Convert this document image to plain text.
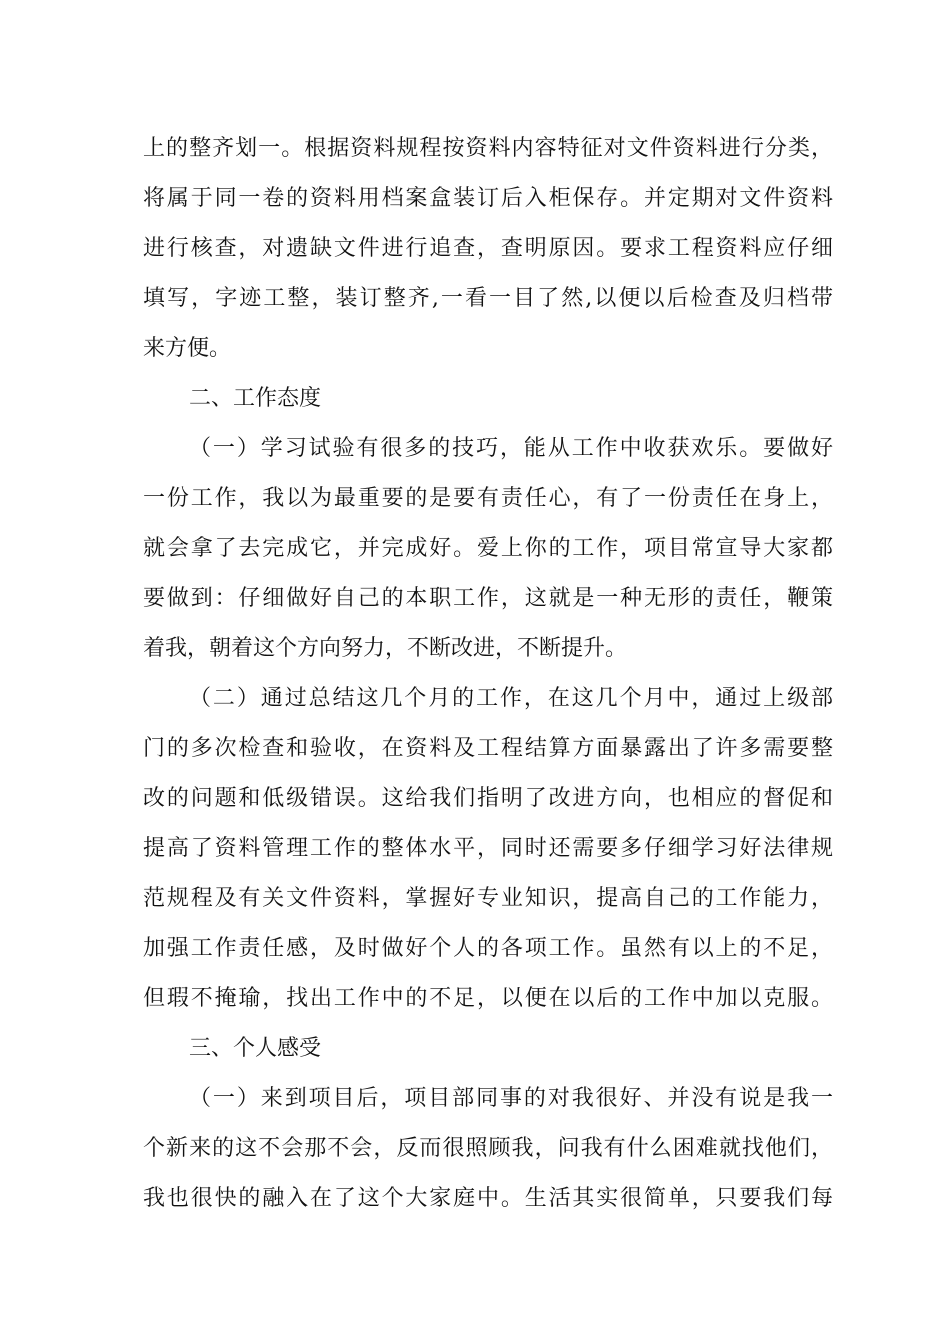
上的整齐划一。根据资料规程按资料内容特征对文件资料进行分类，
将属于同一卷的资料用档案盒装订后入柜保存。并定期对文件资料
进行核查，对遗缺文件进行追查，查明原因。要求工程资料应仔细
填写，字迹工整，装订整齐,一看一目了然,以便以后检查及归档带
来方便。
二、工作态度
（一）学习试验有很多的技巧，能从工作中收获欢乐。要做好
一份工作，我以为最重要的是要有责任心，有了一份责任在身上，
就会拿了去完成它，并完成好。爱上你的工作，项目常宣导大家都
要做到：仔细做好自己的本职工作，这就是一种无形的责任，鞭策
着我，朝着这个方向努力，不断改进，不断提升。
（二）通过总结这几个月的工作，在这几个月中，通过上级部
门的多次检查和验收，在资料及工程结算方面暴露出了许多需要整
改的问题和低级错误。这给我们指明了改进方向，也相应的督促和
提高了资料管理工作的整体水平，同时还需要多仔细学习好法律规
范规程及有关文件资料，掌握好专业知识，提高自己的工作能力，
加强工作责任感，及时做好个人的各项工作。虽然有以上的不足，
但瑕不掩瑜，找出工作中的不足，以便在以后的工作中加以克服。
三、个人感受
（一）来到项目后，项目部同事的对我很好、并没有说是我一
个新来的这不会那不会，反而很照顾我，问我有什么困难就找他们，
我也很快的融入在了这个大家庭中。生活其实很简单，只要我们每
